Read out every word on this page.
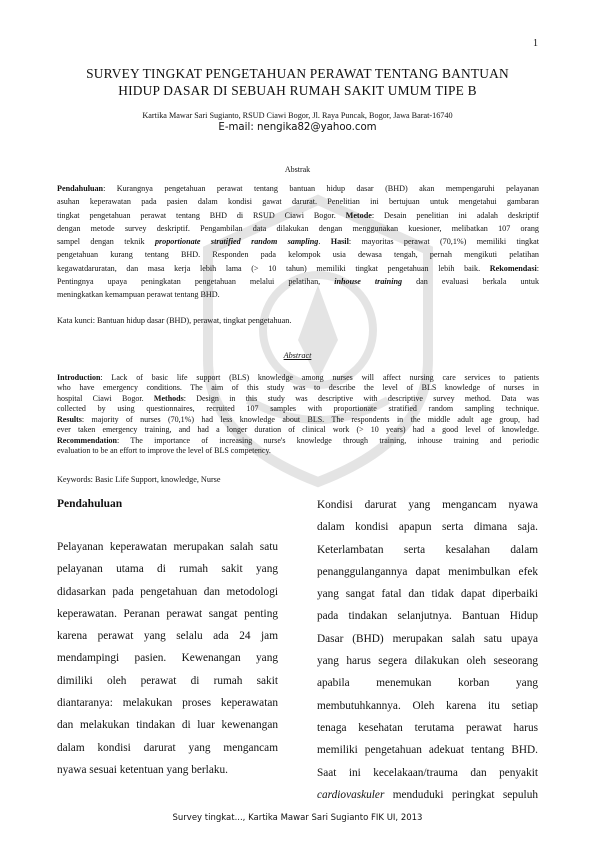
1
SURVEY TINGKAT PENGETAHUAN PERAWAT TENTANG BANTUAN
HIDUP DASAR DI SEBUAH RUMAH SAKIT UMUM TIPE B
Kartika Mawar Sari Sugianto, RSUD Ciawi Bogor, Jl. Raya Puncak, Bogor, Jawa Barat-16740
E-mail: nengika82@yahoo.com
Abstrak
Pendahuluan: Kurangnya pengetahuan perawat tentang bantuan hidup dasar (BHD) akan mempengaruhi pelayanan
asuhan keperawatan pada pasien dalam kondisi gawat darurat. Penelitian ini bertujuan untuk mengetahui gambaran
tingkat pengetahuan perawat tentang BHD di RSUD Ciawi Bogor. Metode: Desain penelitian ini adalah deskriptif
dengan metode survey deskriptif. Pengambilan data dilakukan dengan menggunakan kuesioner, melibatkan 107 orang
sampel dengan teknik proportionate stratified random sampling. Hasil: mayoritas perawat (70,1%) memiliki tingkat
pengetahuan kurang tentang BHD. Responden pada kelompok usia dewasa tengah, pernah mengikuti pelatihan
kegawatdaruratan, dan masa kerja lebih lama (> 10 tahun) memiliki tingkat pengetahuan lebih baik. Rekomendasi:
Pentingnya upaya peningkatan pengetahuan melalui pelatihan, inhouse training dan evaluasi berkala untuk
meningkatkan kemampuan perawat tentang BHD.
Kata kunci: Bantuan hidup dasar (BHD), perawat, tingkat pengetahuan.
Abstract
Introduction: Lack of basic life support (BLS) knowledge among nurses will affect nursing care services to patients
who have emergency conditions. The aim of this study was to describe the level of BLS knowledge of nurses in
hospital Ciawi Bogor. Methods: Design in this study was descriptive with descriptive survey method. Data was
collected by using questionnaires, recruited 107 samples with proportionate stratified random sampling technique.
Results: majority of nurses (70,1%) had less knowledge about BLS. The respondents in the middle adult age group, had
ever taken emergency training, and had a longer duration of clinical work (> 10 years) had a good level of knowledge.
Recommendation: The importance of increasing nurse's knowledge through training, inhouse training and periodic
evaluation to be an effort to improve the level of BLS competency.
Keywords: Basic Life Support, knowledge, Nurse
Pendahuluan
Pelayanan keperawatan merupakan salah satu
pelayanan utama di rumah sakit yang
didasarkan pada pengetahuan dan metodologi
keperawatan. Peranan perawat sangat penting
karena perawat yang selalu ada 24 jam
mendampingi pasien. Kewenangan yang
dimiliki oleh perawat di rumah sakit
diantaranya: melakukan proses keperawatan
dan melakukan tindakan di luar kewenangan
dalam kondisi darurat yang mengancam
nyawa sesuai ketentuan yang berlaku.
Kondisi darurat yang mengancam nyawa
dalam kondisi apapun serta dimana saja.
Keterlambatan serta kesalahan dalam
penanggulangannya dapat menimbulkan efek
yang sangat fatal dan tidak dapat diperbaiki
pada tindakan selanjutnya. Bantuan Hidup
Dasar (BHD) merupakan salah satu upaya
yang harus segera dilakukan oleh seseorang
apabila menemukan korban yang
membutuhkannya. Oleh karena itu setiap
tenaga kesehatan terutama perawat harus
memiliki pengetahuan adekuat tentang BHD.
Saat ini kecelakaan/trauma dan penyakit
cardiovaskuler menduduki peringkat sepuluh
Survey tingkat..., Kartika Mawar Sari Sugianto FIK UI, 2013
